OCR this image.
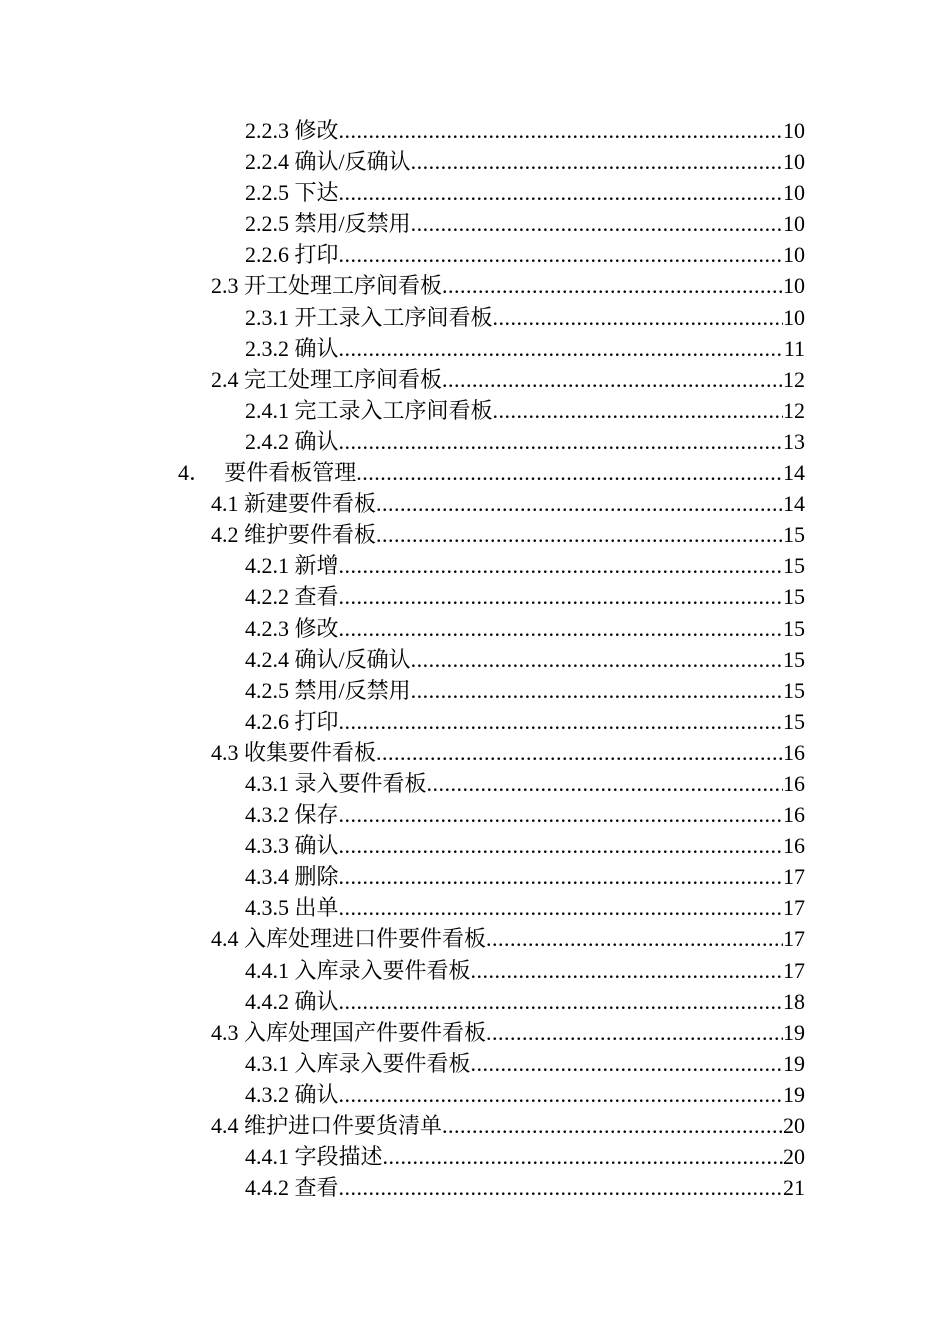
2.2.3 修改 .....	10
2.2.4 确认/反确认 .....	10
2.2.5 下达 .....	10
2.2.5 禁用/反禁用 .....	10
2.2.6 打印 .....	10
2.3 开工处理工序间看板 .....	10
2.3.1 开工录入工序间看板 .....	10
2.3.2 确认 .....	11
2.4 完工处理工序间看板 .....	12
2.4.1 完工录入工序间看板 .....	12
2.4.2 确认 .....	13
4． 要件看板管理 .....	14
4.1 新建要件看板 .....	14
4.2 维护要件看板 .....	15
4.2.1 新增 .....	15
4.2.2 查看 .....	15
4.2.3 修改 .....	15
4.2.4 确认/反确认 .....	15
4.2.5 禁用/反禁用 .....	15
4.2.6 打印 .....	15
4.3 收集要件看板 .....	16
4.3.1 录入要件看板 .....	16
4.3.2 保存 .....	16
4.3.3 确认 .....	16
4.3.4 删除 .....	17
4.3.5 出单 .....	17
4.4 入库处理进口件要件看板 .....	17
4.4.1 入库录入要件看板 .....	17
4.4.2 确认 .....	18
4.3 入库处理国产件要件看板 .....	19
4.3.1 入库录入要件看板 .....	19
4.3.2 确认 .....	19
4.4 维护进口件要货清单 .....	20
4.4.1 字段描述 .....	20
4.4.2 查看 .....	21
